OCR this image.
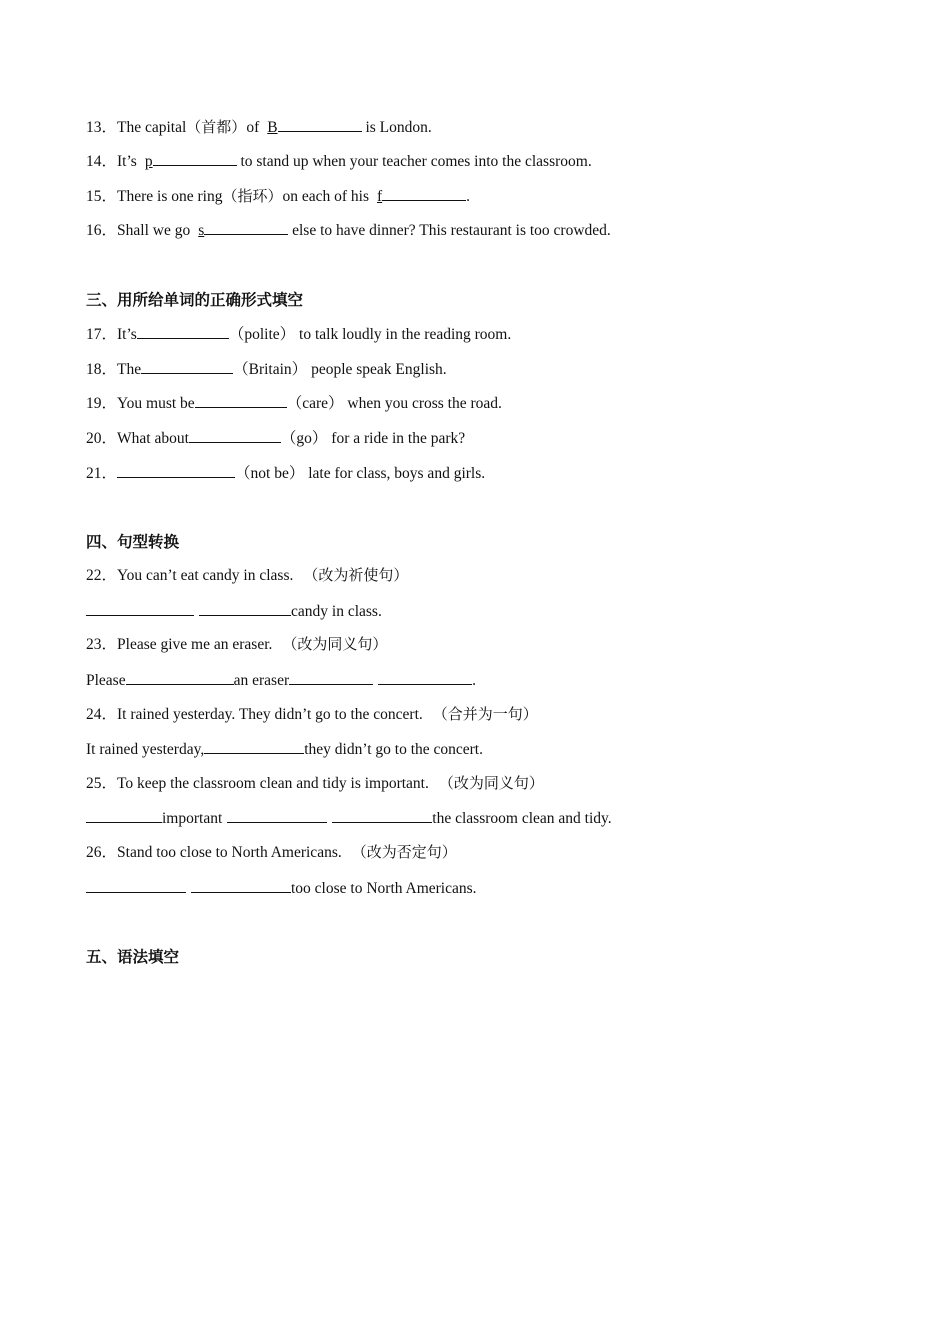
13．The capital（首都）of B	is London.
14．It’s p	to stand up when your teacher comes into the classroom.
15．There is one ring（指环）on each of his f	.
16．Shall we go s	else to have dinner? This restaurant is too crowded.
三、用所给单词的正确形式填空
17．It’s	（polite） to talk loudly in the reading room.
18．The	（Britain） people speak English.
19．You must be	（care） when you cross the road.
20．What about	（go） for a ride in the park?
21．	（not be） late for class, boys and girls.
四、句型转换
22．You can’t eat candy in class. （改为祈使句）
candy in class.
23．Please give me an eraser. （改为同义句）
Please	an eraser	.
24．It rained yesterday. They didn’t go to the concert. （合并为一句）
It rained yesterday,	they didn’t go to the concert.
25．To keep the classroom clean and tidy is important. （改为同义句）
important	the classroom clean and tidy.
26．Stand too close to North Americans. （改为否定句）
too close to North Americans.
五、语法填空
